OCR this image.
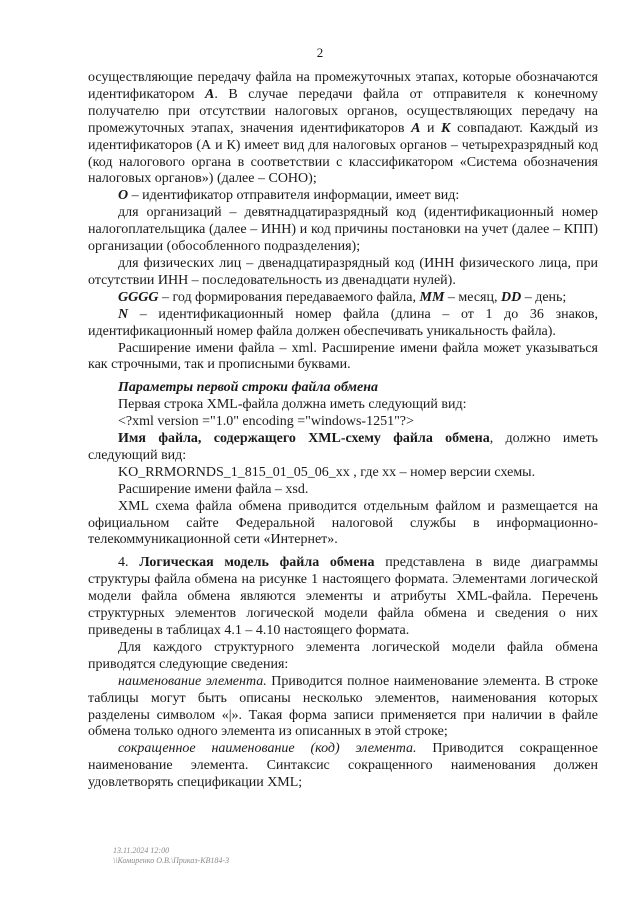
2

осуществляющие передачу файла на промежуточных этапах, которые обозначаются идентификатором А. В случае передачи файла от отправителя к конечному получателю при отсутствии налоговых органов, осуществляющих передачу на промежуточных этапах, значения идентификаторов А и К совпадают. Каждый из идентификаторов (А и К) имеет вид для налоговых органов – четырехразрядный код (код налогового органа в соответствии с классификатором «Система обозначения налоговых органов») (далее – СОНО);

О – идентификатор отправителя информации, имеет вид:

для организаций – девятнадцатиразрядный код (идентификационный номер налогоплательщика (далее – ИНН) и код причины постановки на учет (далее – КПП) организации (обособленного подразделения);

для физических лиц – двенадцатиразрядный код (ИНН физического лица, при отсутствии ИНН – последовательность из двенадцати нулей).

GGGG – год формирования передаваемого файла, MM – месяц, DD – день;

N – идентификационный номер файла (длина – от 1 до 36 знаков, идентификационный номер файла должен обеспечивать уникальность файла).

Расширение имени файла – xml. Расширение имени файла может указываться как строчными, так и прописными буквами.

Параметры первой строки файла обмена

Первая строка XML-файла должна иметь следующий вид:

<?xml version ="1.0" encoding ="windows-1251"?>

Имя файла, содержащего XML-схему файла обмена, должно иметь следующий вид:

KO_RRMORNDS_1_815_01_05_06_xx , где xx – номер версии схемы.

Расширение имени файла – xsd.

XML схема файла обмена приводится отдельным файлом и размещается на официальном сайте Федеральной налоговой службы в информационно-телекоммуникационной сети «Интернет».

4. Логическая модель файла обмена представлена в виде диаграммы структуры файла обмена на рисунке 1 настоящего формата. Элементами логической модели файла обмена являются элементы и атрибуты XML-файла. Перечень структурных элементов логической модели файла обмена и сведения о них приведены в таблицах 4.1 – 4.10 настоящего формата.

Для каждого структурного элемента логической модели файла обмена приводятся следующие сведения:

наименование элемента. Приводится полное наименование элемента. В строке таблицы могут быть описаны несколько элементов, наименования которых разделены символом «|». Такая форма записи применяется при наличии в файле обмена только одного элемента из описанных в этой строке;

сокращенное наименование (код) элемента. Приводится сокращенное наименование элемента. Синтаксис сокращенного наименования должен удовлетворять спецификации XML;

13.11.2024 12:00
\\Комиренко О.В.\Приказ-КВ184-3
